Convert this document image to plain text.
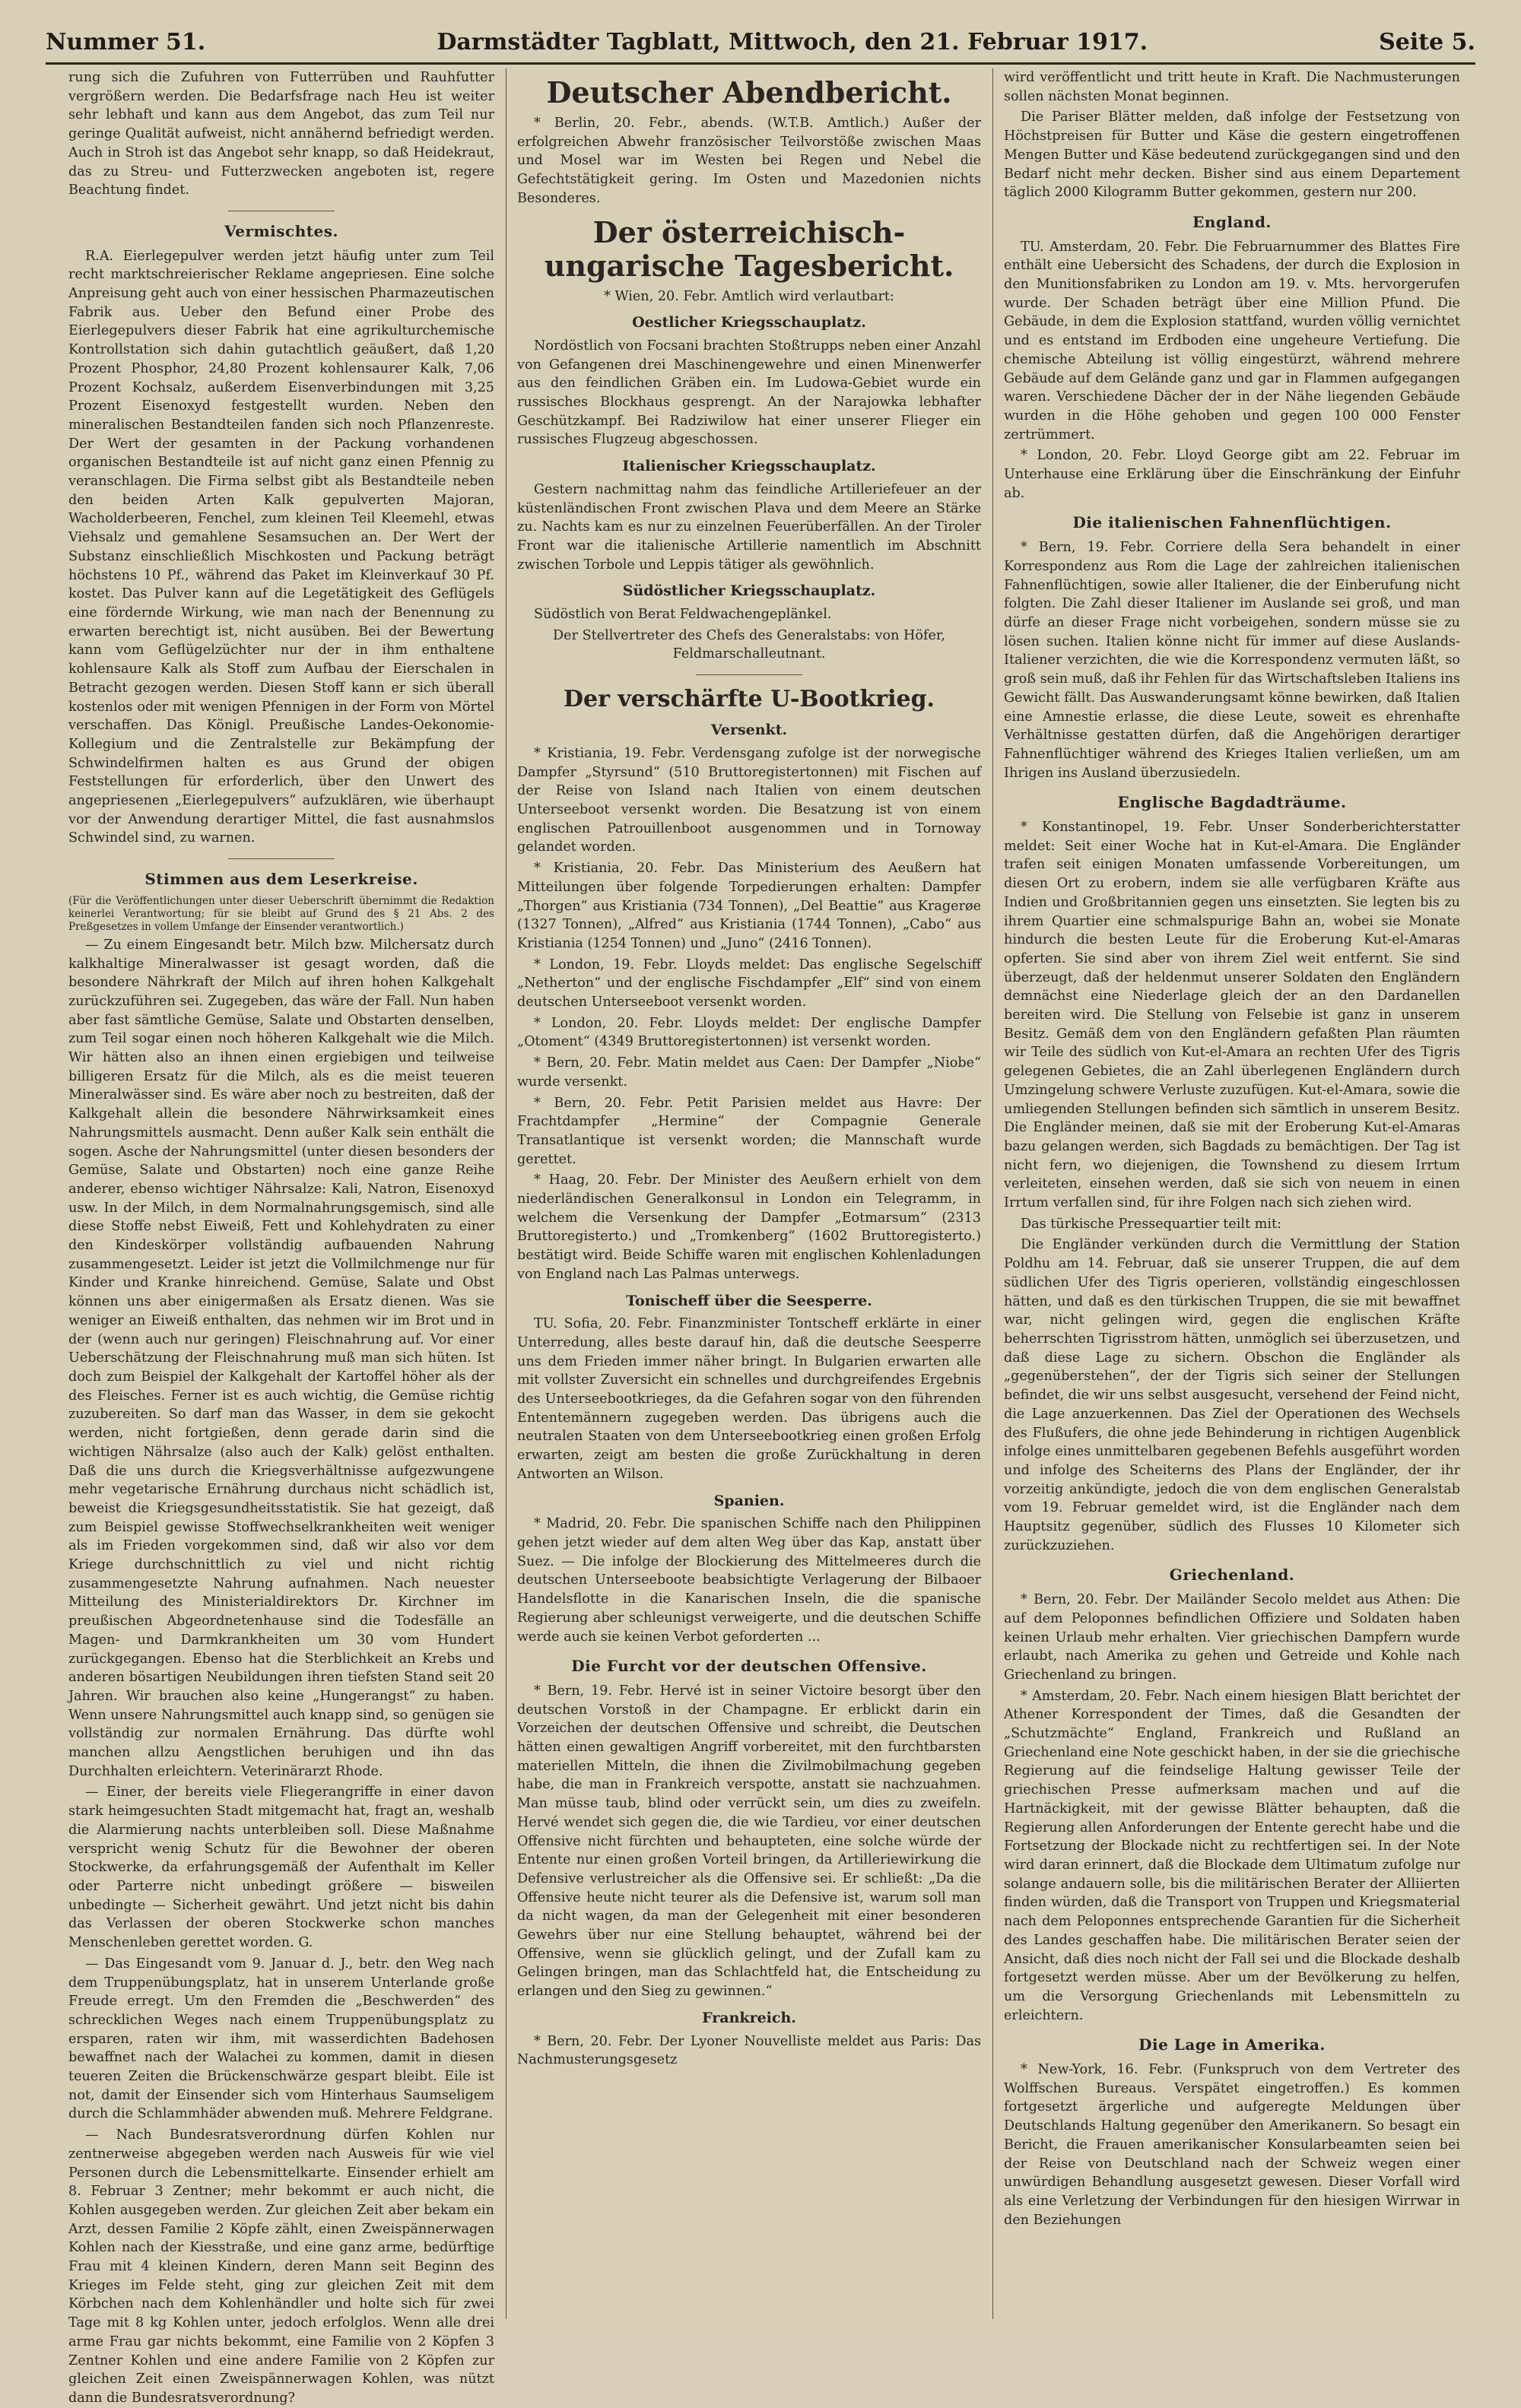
Nummer 51.	Darmstädter Tagblatt, Mittwoch, den 21. Februar 1917.	Seite 5.

rung sich die Zufuhren von Futterrüben und Rauhfutter vergrößern werden. Die Bedarfsfrage nach Heu ist weiter sehr lebhaft und kann aus dem Angebot, das zum Teil nur geringe Qualität aufweist, nicht annähernd befriedigt werden. Auch in Stroh ist das Angebot sehr knapp, so daß Heidekraut, das zu Streu- und Futterzwecken angeboten ist, regere Beachtung findet.

Vermischtes.

R.A. Eierlegepulver werden jetzt häufig unter zum Teil recht marktschreierischer Reklame angepriesen. Eine solche Anpreisung geht auch von einer hessischen Pharmazeutischen Fabrik aus. Ueber den Befund einer Probe des Eierlegepulvers dieser Fabrik hat eine agrikulturchemische Kontrollstation sich dahin gutachtlich geäußert, daß 1,20 Prozent Phosphor, 24,80 Prozent kohlensaurer Kalk, 7,06 Prozent Kochsalz, außerdem Eisenverbindungen mit 3,25 Prozent Eisenoxyd festgestellt wurden. Neben den mineralischen Bestandteilen fanden sich noch Pflanzenreste. Der Wert der gesamten in der Packung vorhandenen organischen Bestandteile ist auf nicht ganz einen Pfennig zu veranschlagen. Die Firma selbst gibt als Bestandteile neben den beiden Arten Kalk gepulverten Majoran, Wacholderbeeren, Fenchel, zum kleinen Teil Kleemehl, etwas Viehsalz und gemahlene Sesamsuchen an. Der Wert der Substanz einschließlich Mischkosten und Packung beträgt höchstens 10 Pf., während das Paket im Kleinverkauf 30 Pf. kostet. Das Pulver kann auf die Legetätigkeit des Geflügels eine fördernde Wirkung, wie man nach der Benennung zu erwarten berechtigt ist, nicht ausüben. Bei der Bewertung kann vom Geflügelzüchter nur der in ihm enthaltene kohlensaure Kalk als Stoff zum Aufbau der Eierschalen in Betracht gezogen werden. Diesen Stoff kann er sich überall kostenlos oder mit wenigen Pfennigen in der Form von Mörtel verschaffen. Das Königl. Preußische Landes-Oekonomie-Kollegium und die Zentralstelle zur Bekämpfung der Schwindelfirmen halten es aus Grund der obigen Feststellungen für erforderlich, über den Unwert des angepriesenen „Eierlegepulvers“ aufzuklären, wie überhaupt vor der Anwendung derartiger Mittel, die fast ausnahmslos Schwindel sind, zu warnen.

Stimmen aus dem Leserkreise.

(Für die Veröffentlichungen unter dieser Ueberschrift übernimmt die Redaktion keinerlei Verantwortung; für sie bleibt auf Grund des § 21 Abs. 2 des Preßgesetzes in vollem Umfange der Einsender verantwortlich.)

— Zu einem Eingesandt betr. Milch bzw. Milchersatz durch kalkhaltige Mineralwasser ist gesagt worden, daß die besondere Nährkraft der Milch auf ihren hohen Kalkgehalt zurückzuführen sei. Zugegeben, das wäre der Fall. Nun haben aber fast sämtliche Gemüse, Salate und Obstarten denselben, zum Teil sogar einen noch höheren Kalkgehalt wie die Milch. Wir hätten also an ihnen einen ergiebigen und teilweise billigeren Ersatz für die Milch, als es die meist teueren Mineralwässer sind. Es wäre aber noch zu bestreiten, daß der Kalkgehalt allein die besondere Nährwirksamkeit eines Nahrungsmittels ausmacht. Denn außer Kalk sein enthält die sogen. Asche der Nahrungsmittel (unter diesen besonders der Gemüse, Salate und Obstarten) noch eine ganze Reihe anderer, ebenso wichtiger Nährsalze: Kali, Natron, Eisenoxyd usw. In der Milch, in dem Normalnahrungsgemisch, sind alle diese Stoffe nebst Eiweiß, Fett und Kohlehydraten zu einer den Kindeskörper vollständig aufbauenden Nahrung zusammengesetzt. Leider ist jetzt die Vollmilchmenge nur für Kinder und Kranke hinreichend. Gemüse, Salate und Obst können uns aber einigermaßen als Ersatz dienen. Was sie weniger an Eiweiß enthalten, das nehmen wir im Brot und in der (wenn auch nur geringen) Fleischnahrung auf. Vor einer Ueberschätzung der Fleischnahrung muß man sich hüten. Ist doch zum Beispiel der Kalkgehalt der Kartoffel höher als der des Fleisches. Ferner ist es auch wichtig, die Gemüse richtig zuzubereiten. So darf man das Wasser, in dem sie gekocht werden, nicht fortgießen, denn gerade darin sind die wichtigen Nährsalze (also auch der Kalk) gelöst enthalten. Daß die uns durch die Kriegsverhältnisse aufgezwungene mehr vegetarische Ernährung durchaus nicht schädlich ist, beweist die Kriegsgesundheitsstatistik. Sie hat gezeigt, daß zum Beispiel gewisse Stoffwechselkrankheiten weit weniger als im Frieden vorgekommen sind, daß wir also vor dem Kriege durchschnittlich zu viel und nicht richtig zusammengesetzte Nahrung aufnahmen. Nach neuester Mitteilung des Ministerialdirektors Dr. Kirchner im preußischen Abgeordnetenhause sind die Todesfälle an Magen- und Darmkrankheiten um 30 vom Hundert zurückgegangen. Ebenso hat die Sterblichkeit an Krebs und anderen bösartigen Neubildungen ihren tiefsten Stand seit 20 Jahren. Wir brauchen also keine „Hungerangst“ zu haben. Wenn unsere Nahrungsmittel auch knapp sind, so genügen sie vollständig zur normalen Ernährung. Das dürfte wohl manchen allzu Aengstlichen beruhigen und ihn das Durchhalten erleichtern. Veterinärarzt Rhode.

— Einer, der bereits viele Fliegerangriffe in einer davon stark heimgesuchten Stadt mitgemacht hat, fragt an, weshalb die Alarmierung nachts unterbleiben soll. Diese Maßnahme verspricht wenig Schutz für die Bewohner der oberen Stockwerke, da erfahrungsgemäß der Aufenthalt im Keller oder Parterre nicht unbedingt größere — bisweilen unbedingte — Sicherheit gewährt. Und jetzt nicht bis dahin das Verlassen der oberen Stockwerke schon manches Menschenleben gerettet worden. G.

— Das Eingesandt vom 9. Januar d. J., betr. den Weg nach dem Truppenübungsplatz, hat in unserem Unterlande große Freude erregt. Um den Fremden die „Beschwerden“ des schrecklichen Weges nach einem Truppenübungsplatz zu ersparen, raten wir ihm, mit wasserdichten Badehosen bewaffnet nach der Walachei zu kommen, damit in diesen teueren Zeiten die Brückenschwärze gespart bleibt. Eile ist not, damit der Einsender sich vom Hinterhaus Saumseligem durch die Schlammhäder abwenden muß. Mehrere Feldgrane.

— Nach Bundesratsverordnung dürfen Kohlen nur zentnerweise abgegeben werden nach Ausweis für wie viel Personen durch die Lebensmittelkarte. Einsender erhielt am 8. Februar 3 Zentner; mehr bekommt er auch nicht, die Kohlen ausgegeben werden. Zur gleichen Zeit aber bekam ein Arzt, dessen Familie 2 Köpfe zählt, einen Zweispännerwagen Kohlen nach der Kiesstraße, und eine ganz arme, bedürftige Frau mit 4 kleinen Kindern, deren Mann seit Beginn des Krieges im Felde steht, ging zur gleichen Zeit mit dem Körbchen nach dem Kohlenhändler und holte sich für zwei Tage mit 8 kg Kohlen unter, jedoch erfolglos. Wenn alle drei arme Frau gar nichts bekommt, eine Familie von 2 Köpfen 3 Zentner Kohlen und eine andere Familie von 2 Köpfen zur gleichen Zeit einen Zweispännerwagen Kohlen, was nützt dann die Bundesratsverordnung?

Deutscher Abendbericht.

* Berlin, 20. Febr., abends. (W.T.B. Amtlich.) Außer der erfolgreichen Abwehr französischer Teilvorstöße zwischen Maas und Mosel war im Westen bei Regen und Nebel die Gefechtstätigkeit gering. Im Osten und Mazedonien nichts Besonderes.

Der österreichisch-ungarische Tagesbericht.

* Wien, 20. Febr. Amtlich wird verlautbart:

Oestlicher Kriegsschauplatz.

Nordöstlich von Focsani brachten Stoßtrupps neben einer Anzahl von Gefangenen drei Maschinengewehre und einen Minenwerfer aus den feindlichen Gräben ein. Im Ludowa-Gebiet wurde ein russisches Blockhaus gesprengt. An der Narajowka lebhafter Geschützkampf. Bei Radziwilow hat einer unserer Flieger ein russisches Flugzeug abgeschossen.

Italienischer Kriegsschauplatz.

Gestern nachmittag nahm das feindliche Artilleriefeuer an der küstenländischen Front zwischen Plava und dem Meere an Stärke zu. Nachts kam es nur zu einzelnen Feuerüberfällen. An der Tiroler Front war die italienische Artillerie namentlich im Abschnitt zwischen Torbole und Leppis tätiger als gewöhnlich.

Südöstlicher Kriegsschauplatz.

Südöstlich von Berat Feldwachengeplänkel.

Der Stellvertreter des Chefs des Generalstabs: von Höfer, Feldmarschalleutnant.

Der verschärfte U-Bootkrieg.
Versenkt.

* Kristiania, 19. Febr. Verdensgang zufolge ist der norwegische Dampfer „Styrsund“ (510 Bruttoregistertonnen) mit Fischen auf der Reise von Island nach Italien von einem deutschen Unterseeboot versenkt worden. Die Besatzung ist von einem englischen Patrouillenboot ausgenommen und in Tornoway gelandet worden.

* Kristiania, 20. Febr. Das Ministerium des Aeußern hat Mitteilungen über folgende Torpedierungen erhalten: Dampfer „Thorgen“ aus Kristiania (734 Tonnen), „Del Beattie“ aus Kragerøe (1327 Tonnen), „Alfred“ aus Kristiania (1744 Tonnen), „Cabo“ aus Kristiania (1254 Tonnen) und „Juno“ (2416 Tonnen).

* London, 19. Febr. Lloyds meldet: Das englische Segelschiff „Netherton“ und der englische Fischdampfer „Elf“ sind von einem deutschen Unterseeboot versenkt worden.

* London, 20. Febr. Lloyds meldet: Der englische Dampfer „Otoment“ (4349 Bruttoregistertonnen) ist versenkt worden.

* Bern, 20. Febr. Matin meldet aus Caen: Der Dampfer „Niobe“ wurde versenkt.

* Bern, 20. Febr. Petit Parisien meldet aus Havre: Der Frachtdampfer „Hermine“ der Compagnie Generale Transatlantique ist versenkt worden; die Mannschaft wurde gerettet.

* Haag, 20. Febr. Der Minister des Aeußern erhielt von dem niederländischen Generalkonsul in London ein Telegramm, in welchem die Versenkung der Dampfer „Eotmarsum“ (2313 Bruttoregisterto.) und „Tromkenberg“ (1602 Bruttoregisterto.) bestätigt wird. Beide Schiffe waren mit englischen Kohlenladungen von England nach Las Palmas unterwegs.

Tonischeff über die Seesperre.

TU. Sofia, 20. Febr. Finanzminister Tontscheff erklärte in einer Unterredung, alles beste darauf hin, daß die deutsche Seesperre uns dem Frieden immer näher bringt. In Bulgarien erwarten alle mit vollster Zuversicht ein schnelles und durchgreifendes Ergebnis des Unterseebootkrieges, da die Gefahren sogar von den führenden Ententemännern zugegeben werden. Das übrigens auch die neutralen Staaten von dem Unterseebootkrieg einen großen Erfolg erwarten, zeigt am besten die große Zurückhaltung in deren Antworten an Wilson.

Spanien.

* Madrid, 20. Febr. Die spanischen Schiffe nach den Philippinen gehen jetzt wieder auf dem alten Weg über das Kap, anstatt über Suez. — Die infolge der Blockierung des Mittelmeeres durch die deutschen Unterseeboote beabsichtigte Verlagerung der Bilbaoer Handelsflotte in die Kanarischen Inseln, die die spanische Regierung aber schleunigst verweigerte, und die deutschen Schiffe werde auch sie keinen Verbot geforderten ...

Die Furcht vor der deutschen Offensive.

* Bern, 19. Febr. Hervé ist in seiner Victoire besorgt über den deutschen Vorstoß in der Champagne. Er erblickt darin ein Vorzeichen der deutschen Offensive und schreibt, die Deutschen hätten einen gewaltigen Angriff vorbereitet, mit den furchtbarsten materiellen Mitteln, die ihnen die Zivilmobilmachung gegeben habe, die man in Frankreich verspotte, anstatt sie nachzuahmen. Man müsse taub, blind oder verrückt sein, um dies zu zweifeln. Hervé wendet sich gegen die, die wie Tardieu, vor einer deutschen Offensive nicht fürchten und behaupteten, eine solche würde der Entente nur einen großen Vorteil bringen, da Artilleriewirkung die Defensive verlustreicher als die Offensive sei. Er schließt: „Da die Offensive heute nicht teurer als die Defensive ist, warum soll man da nicht wagen, da man der Gelegenheit mit einer besonderen Gewehrs über nur eine Stellung behauptet, während bei der Offensive, wenn sie glücklich gelingt, und der Zufall kam zu Gelingen bringen, man das Schlachtfeld hat, die Entscheidung zu erlangen und den Sieg zu gewinnen.“

Frankreich.

* Bern, 20. Febr. Der Lyoner Nouvelliste meldet aus Paris: Das Nachmusterungsgesetz

wird veröffentlicht und tritt heute in Kraft. Die Nachmusterungen sollen nächsten Monat beginnen.

Die Pariser Blätter melden, daß infolge der Festsetzung von Höchstpreisen für Butter und Käse die gestern eingetroffenen Mengen Butter und Käse bedeutend zurückgegangen sind und den Bedarf nicht mehr decken. Bisher sind aus einem Departement täglich 2000 Kilogramm Butter gekommen, gestern nur 200.

England.

TU. Amsterdam, 20. Febr. Die Februarnummer des Blattes Fire enthält eine Uebersicht des Schadens, der durch die Explosion in den Munitionsfabriken zu London am 19. v. Mts. hervorgerufen wurde. Der Schaden beträgt über eine Million Pfund. Die Gebäude, in dem die Explosion stattfand, wurden völlig vernichtet und es entstand im Erdboden eine ungeheure Vertiefung. Die chemische Abteilung ist völlig eingestürzt, während mehrere Gebäude auf dem Gelände ganz und gar in Flammen aufgegangen waren. Verschiedene Dächer der in der Nähe liegenden Gebäude wurden in die Höhe gehoben und gegen 100 000 Fenster zertrümmert.

* London, 20. Febr. Lloyd George gibt am 22. Februar im Unterhause eine Erklärung über die Einschränkung der Einfuhr ab.

Die italienischen Fahnenflüchtigen.

* Bern, 19. Febr. Corriere della Sera behandelt in einer Korrespondenz aus Rom die Lage der zahlreichen italienischen Fahnenflüchtigen, sowie aller Italiener, die der Einberufung nicht folgten. Die Zahl dieser Italiener im Auslande sei groß, und man dürfe an dieser Frage nicht vorbeigehen, sondern müsse sie zu lösen suchen. Italien könne nicht für immer auf diese Auslands-Italiener verzichten, die wie die Korrespondenz vermuten läßt, so groß sein muß, daß ihr Fehlen für das Wirtschaftsleben Italiens ins Gewicht fällt. Das Auswanderungsamt könne bewirken, daß Italien eine Amnestie erlasse, die diese Leute, soweit es ehrenhafte Verhältnisse gestatten dürfen, daß die Angehörigen derartiger Fahnenflüchtiger während des Krieges Italien verließen, um am Ihrigen ins Ausland überzusiedeln.

Englische Bagdadträume.

* Konstantinopel, 19. Febr. Unser Sonderberichterstatter meldet: Seit einer Woche hat in Kut-el-Amara. Die Engländer trafen seit einigen Monaten umfassende Vorbereitungen, um diesen Ort zu erobern, indem sie alle verfügbaren Kräfte aus Indien und Großbritannien gegen uns einsetzten. Sie legten bis zu ihrem Quartier eine schmalspurige Bahn an, wobei sie Monate hindurch die besten Leute für die Eroberung Kut-el-Amaras opferten. Sie sind aber von ihrem Ziel weit entfernt. Sie sind überzeugt, daß der heldenmut unserer Soldaten den Engländern demnächst eine Niederlage gleich der an den Dardanellen bereiten wird. Die Stellung von Felsebie ist ganz in unserem Besitz. Gemäß dem von den Engländern gefaßten Plan räumten wir Teile des südlich von Kut-el-Amara an rechten Ufer des Tigris gelegenen Gebietes, die an Zahl überlegenen Engländern durch Umzingelung schwere Verluste zuzufügen. Kut-el-Amara, sowie die umliegenden Stellungen befinden sich sämtlich in unserem Besitz. Die Engländer meinen, daß sie mit der Eroberung Kut-el-Amaras bazu gelangen werden, sich Bagdads zu bemächtigen. Der Tag ist nicht fern, wo diejenigen, die Townshend zu diesem Irrtum verleiteten, einsehen werden, daß sie sich von neuem in einen Irrtum verfallen sind, für ihre Folgen nach sich ziehen wird.

Das türkische Pressequartier teilt mit:

Die Engländer verkünden durch die Vermittlung der Station Poldhu am 14. Februar, daß sie unserer Truppen, die auf dem südlichen Ufer des Tigris operieren, vollständig eingeschlossen hätten, und daß es den türkischen Truppen, die sie mit bewaffnet war, nicht gelingen wird, gegen die englischen Kräfte beherrschten Tigrisstrom hätten, unmöglich sei überzusetzen, und daß diese Lage zu sichern. Obschon die Engländer als „gegenüberstehen“, der der Tigris sich seiner der Stellungen befindet, die wir uns selbst ausgesucht, versehend der Feind nicht, die Lage anzuerkennen. Das Ziel der Operationen des Wechsels des Flußufers, die ohne jede Behinderung in richtigen Augenblick infolge eines unmittelbaren gegebenen Befehls ausgeführt worden und infolge des Scheiterns des Plans der Engländer, der ihr vorzeitig ankündigte, jedoch die von dem englischen Generalstab vom 19. Februar gemeldet wird, ist die Engländer nach dem Hauptsitz gegenüber, südlich des Flusses 10 Kilometer sich zurückzuziehen.

Griechenland.

* Bern, 20. Febr. Der Mailänder Secolo meldet aus Athen: Die auf dem Peloponnes befindlichen Offiziere und Soldaten haben keinen Urlaub mehr erhalten. Vier griechischen Dampfern wurde erlaubt, nach Amerika zu gehen und Getreide und Kohle nach Griechenland zu bringen.

* Amsterdam, 20. Febr. Nach einem hiesigen Blatt berichtet der Athener Korrespondent der Times, daß die Gesandten der „Schutzmächte“ England, Frankreich und Rußland an Griechenland eine Note geschickt haben, in der sie die griechische Regierung auf die feindselige Haltung gewisser Teile der griechischen Presse aufmerksam machen und auf die Hartnäckigkeit, mit der gewisse Blätter behaupten, daß die Regierung allen Anforderungen der Entente gerecht habe und die Fortsetzung der Blockade nicht zu rechtfertigen sei. In der Note wird daran erinnert, daß die Blockade dem Ultimatum zufolge nur solange andauern solle, bis die militärischen Berater der Alliierten finden würden, daß die Transport von Truppen und Kriegsmaterial nach dem Peloponnes entsprechende Garantien für die Sicherheit des Landes geschaffen habe. Die militärischen Berater seien der Ansicht, daß dies noch nicht der Fall sei und die Blockade deshalb fortgesetzt werden müsse. Aber um der Bevölkerung zu helfen, um die Versorgung Griechenlands mit Lebensmitteln zu erleichtern.

Die Lage in Amerika.

* New-York, 16. Febr. (Funkspruch von dem Vertreter des Wolffschen Bureaus. Verspätet eingetroffen.) Es kommen fortgesetzt ärgerliche und aufgeregte Meldungen über Deutschlands Haltung gegenüber den Amerikanern. So besagt ein Bericht, die Frauen amerikanischer Konsularbeamten seien bei der Reise von Deutschland nach der Schweiz wegen einer unwürdigen Behandlung ausgesetzt gewesen. Dieser Vorfall wird als eine Verletzung der Verbindungen für den hiesigen Wirrwar in den Beziehungen
